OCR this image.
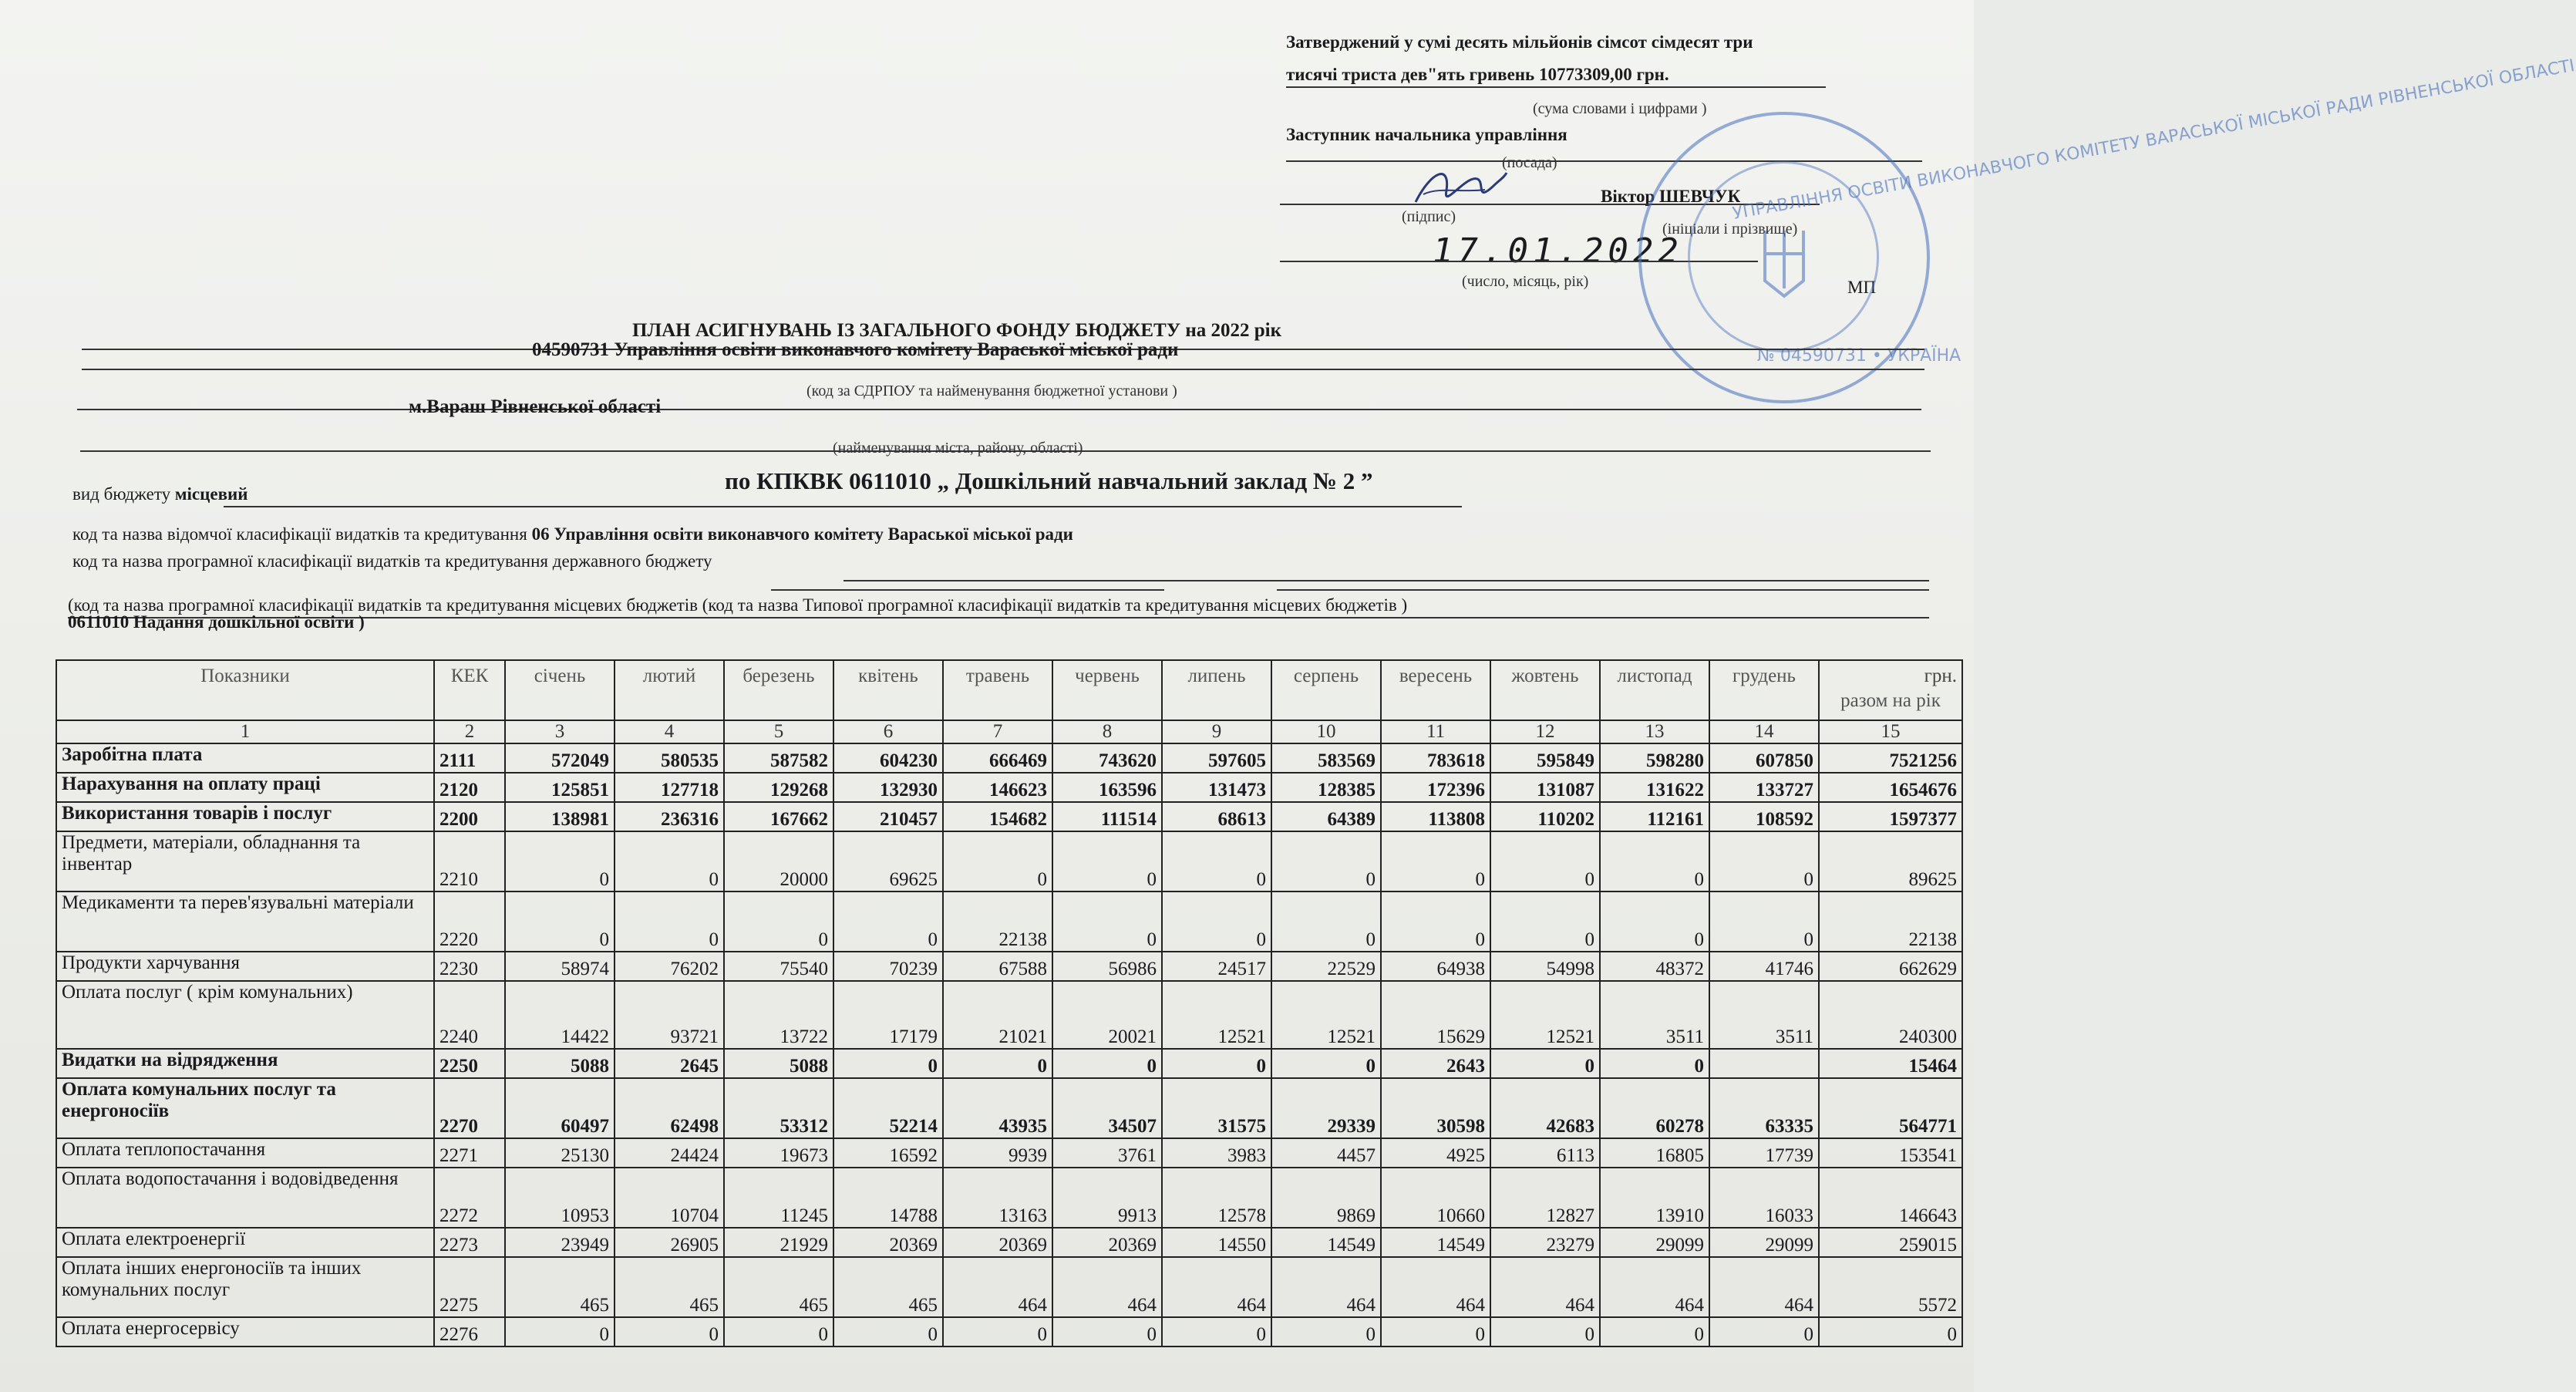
Затверджений у сумі десять мільйонів сімсот сімдесят три
тисячі триста дев"ять гривень 10773309,00 грн.
(сума словами і цифрами )
Заступник начальника управління
(посада)
Віктор ШЕВЧУК
(підпис)
(ініціали і прізвище)
17.01.2022
(число, місяць, рік)	МП
УПРАВЛІННЯ ОСВІТИ ВИКОНАВЧОГО КОМІТЕТУ ВАРАСЬКОЇ МІСЬКОЇ РАДИ РІВНЕНСЬКОЇ ОБЛАСТІ
№ 04590731 • УКРАЇНА
ПЛАН АСИГНУВАНЬ ІЗ ЗАГАЛЬНОГО ФОНДУ БЮДЖЕТУ на 2022 рік
04590731 Управління освіти виконавчого комітету Вараської міської ради
(код за СДРПОУ та найменування бюджетної установи )
м.Вараш Рівненської області
(найменування міста, району, області)
по КПКВК 0611010 „ Дошкільний навчальний заклад № 2 ”
вид бюджету місцевий
код та назва відомчої класифікації видатків та кредитування 06 Управління освіти виконавчого комітету Вараської міської ради
код та назва програмної класифікації видатків та кредитування державного бюджету
(код та назва програмної класифікації видатків та кредитування місцевих бюджетів (код та назва Типової програмної класифікації видатків та кредитування місцевих бюджетів )
0611010 Надання дошкільної освіти )
Показники	КЕК	січень	лютий	березень	квітень	травень	червень	липень	серпень	вересень	жовтень	листопад	грудень	грн.
разом на рік

1	2	3	4	5	6	7	8	9	10	11	12	13	14	15
Заробітна плата	2111	572049	580535	587582	604230	666469	743620	597605	583569	783618	595849	598280	607850	7521256
Нарахування на оплату праці	2120	125851	127718	129268	132930	146623	163596	131473	128385	172396	131087	131622	133727	1654676
Використання товарів і послуг	2200	138981	236316	167662	210457	154682	111514	68613	64389	113808	110202	112161	108592	1597377
Предмети, матеріали, обладнання та інвентар	2210	0	0	20000	69625	0	0	0	0	0	0	0	0	89625
Медикаменти та перев'язувальні матеріали	2220	0	0	0	0	22138	0	0	0	0	0	0	0	22138
Продукти харчування	2230	58974	76202	75540	70239	67588	56986	24517	22529	64938	54998	48372	41746	662629
Оплата послуг ( крім комунальних)	2240	14422	93721	13722	17179	21021	20021	12521	12521	15629	12521	3511	3511	240300
Видатки на відрядження	2250	5088	2645	5088	0	0	0	0	0	2643	0	0		15464
Оплата комунальних послуг та енергоносіїв	2270	60497	62498	53312	52214	43935	34507	31575	29339	30598	42683	60278	63335	564771
Оплата теплопостачання	2271	25130	24424	19673	16592	9939	3761	3983	4457	4925	6113	16805	17739	153541
Оплата водопостачання і водовідведення	2272	10953	10704	11245	14788	13163	9913	12578	9869	10660	12827	13910	16033	146643
Оплата електроенергії	2273	23949	26905	21929	20369	20369	20369	14550	14549	14549	23279	29099	29099	259015
Оплата інших енергоносіїв та інших комунальних послуг	2275	465	465	465	465	464	464	464	464	464	464	464	464	5572
Оплата енергосервісу	2276	0	0	0	0	0	0	0	0	0	0	0	0	0
